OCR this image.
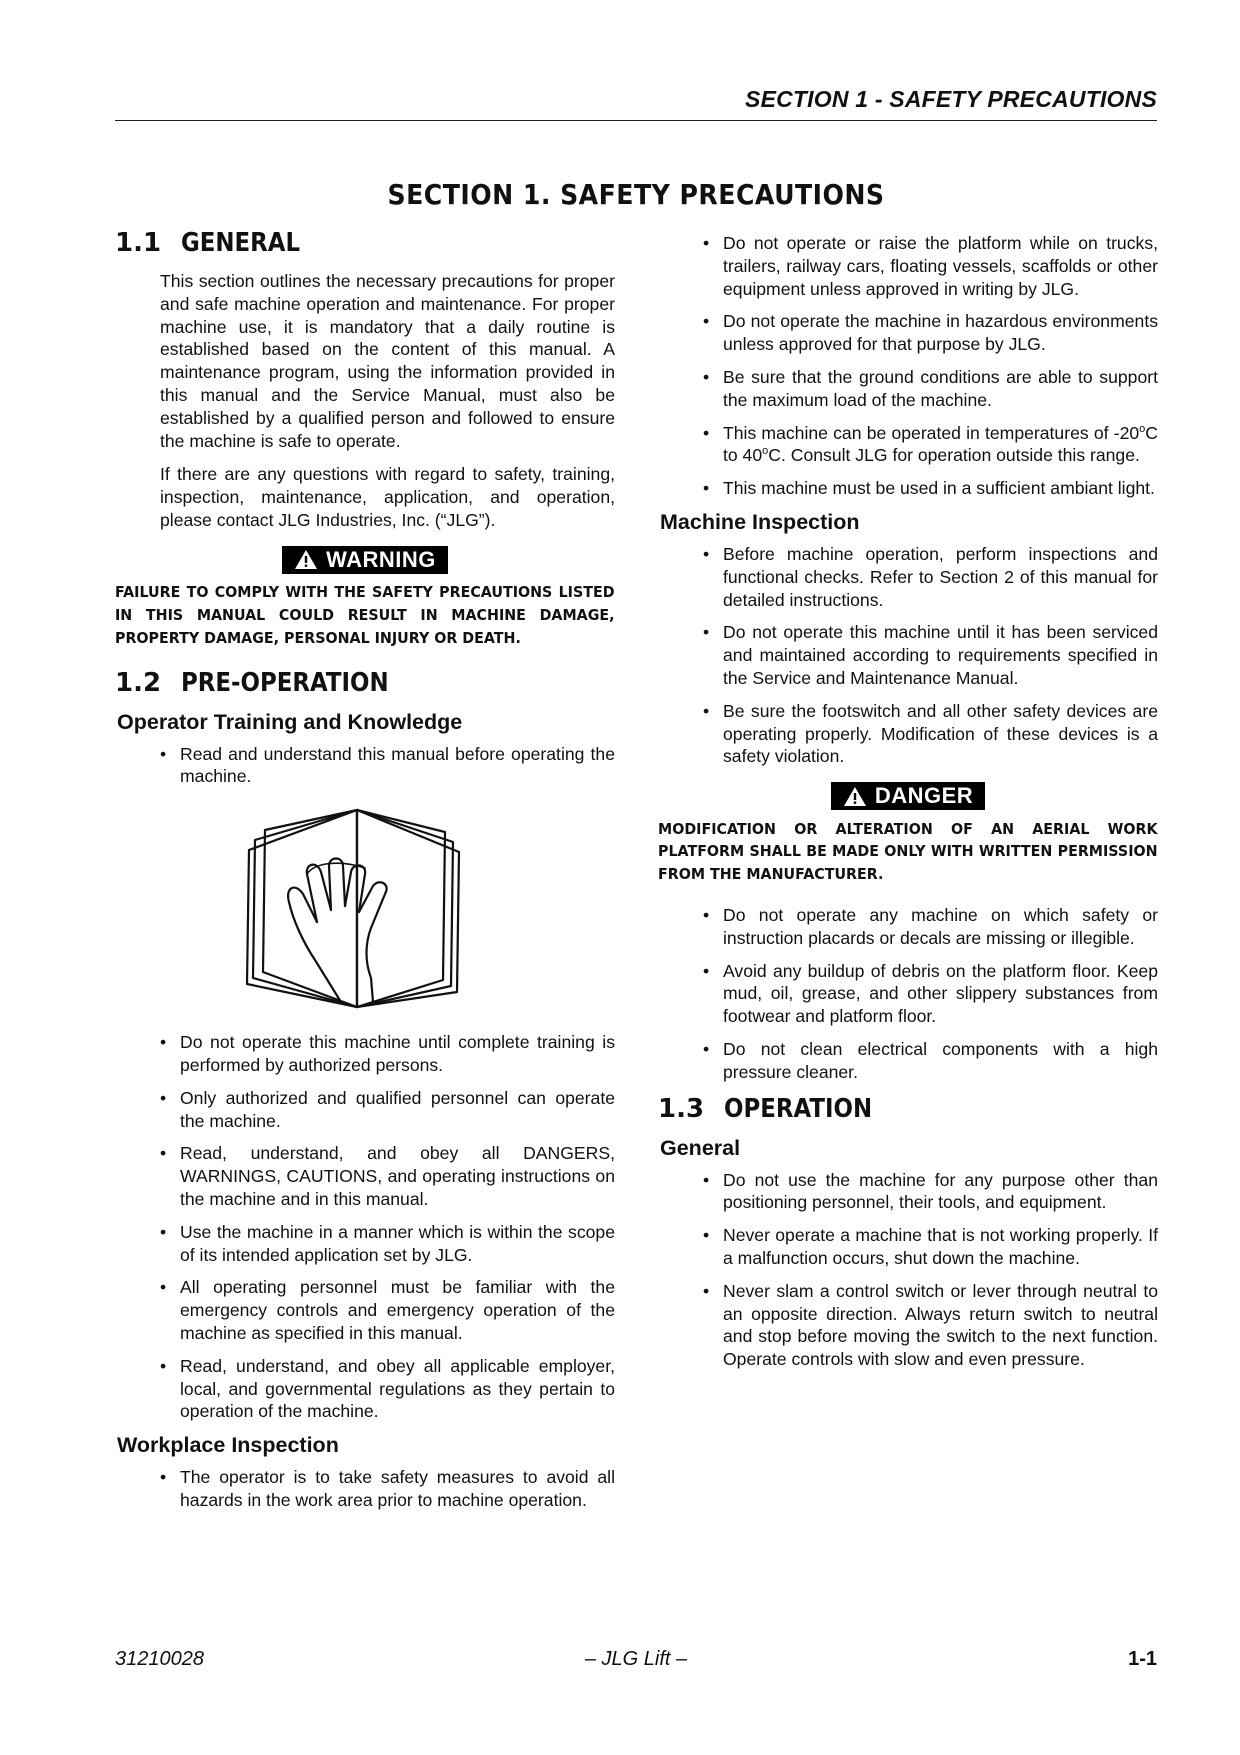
SECTION 1 - SAFETY PRECAUTIONS
SECTION 1. SAFETY PRECAUTIONS
1.1 GENERAL

This section outlines the necessary precautions for proper and safe machine operation and maintenance. For proper machine use, it is mandatory that a daily routine is established based on the content of this manual. A maintenance program, using the information provided in this manual and the Service Manual, must also be established by a qualified person and followed to ensure the machine is safe to operate.

If there are any questions with regard to safety, training, inspection, maintenance, application, and operation, please contact JLG Industries, Inc. (“JLG”).

WARNING

FAILURE TO COMPLY WITH THE SAFETY PRECAUTIONS LISTED IN THIS MANUAL COULD RESULT IN MACHINE DAMAGE, PROPERTY DAMAGE, PERSONAL INJURY OR DEATH.

1.2 PRE-OPERATION
Operator Training and Knowledge
• Read and understand this manual before operating the machine.
• Do not operate this machine until complete training is performed by authorized persons.
• Only authorized and qualified personnel can operate the machine.
• Read, understand, and obey all DANGERS, WARNINGS, CAUTIONS, and operating instructions on the machine and in this manual.
• Use the machine in a manner which is within the scope of its intended application set by JLG.
• All operating personnel must be familiar with the emergency controls and emergency operation of the machine as specified in this manual.
• Read, understand, and obey all applicable employer, local, and governmental regulations as they pertain to operation of the machine.
Workplace Inspection
• The operator is to take safety measures to avoid all hazards in the work area prior to machine operation.
• Do not operate or raise the platform while on trucks, trailers, railway cars, floating vessels, scaffolds or other equipment unless approved in writing by JLG.
• Do not operate the machine in hazardous environments unless approved for that purpose by JLG.
• Be sure that the ground conditions are able to support the maximum load of the machine.
• This machine can be operated in temperatures of -20$^o$C to 40$^o$C. Consult JLG for operation outside this range.
• This machine must be used in a sufficient ambiant light.
Machine Inspection
• Before machine operation, perform inspections and functional checks. Refer to Section 2 of this manual for detailed instructions.
• Do not operate this machine until it has been serviced and maintained according to requirements specified in the Service and Maintenance Manual.
• Be sure the footswitch and all other safety devices are operating properly. Modification of these devices is a safety violation.
DANGER

MODIFICATION OR ALTERATION OF AN AERIAL WORK PLATFORM SHALL BE MADE ONLY WITH WRITTEN PERMISSION FROM THE MANUFACTURER.

• Do not operate any machine on which safety or instruction placards or decals are missing or illegible.
• Avoid any buildup of debris on the platform floor. Keep mud, oil, grease, and other slippery substances from footwear and platform floor.
• Do not clean electrical components with a high pressure cleaner.
1.3 OPERATION
General
• Do not use the machine for any purpose other than positioning personnel, their tools, and equipment.
• Never operate a machine that is not working properly. If a malfunction occurs, shut down the machine.
• Never slam a control switch or lever through neutral to an opposite direction. Always return switch to neutral and stop before moving the switch to the next function. Operate controls with slow and even pressure.
– JLG Lift –
31210028	1-1
